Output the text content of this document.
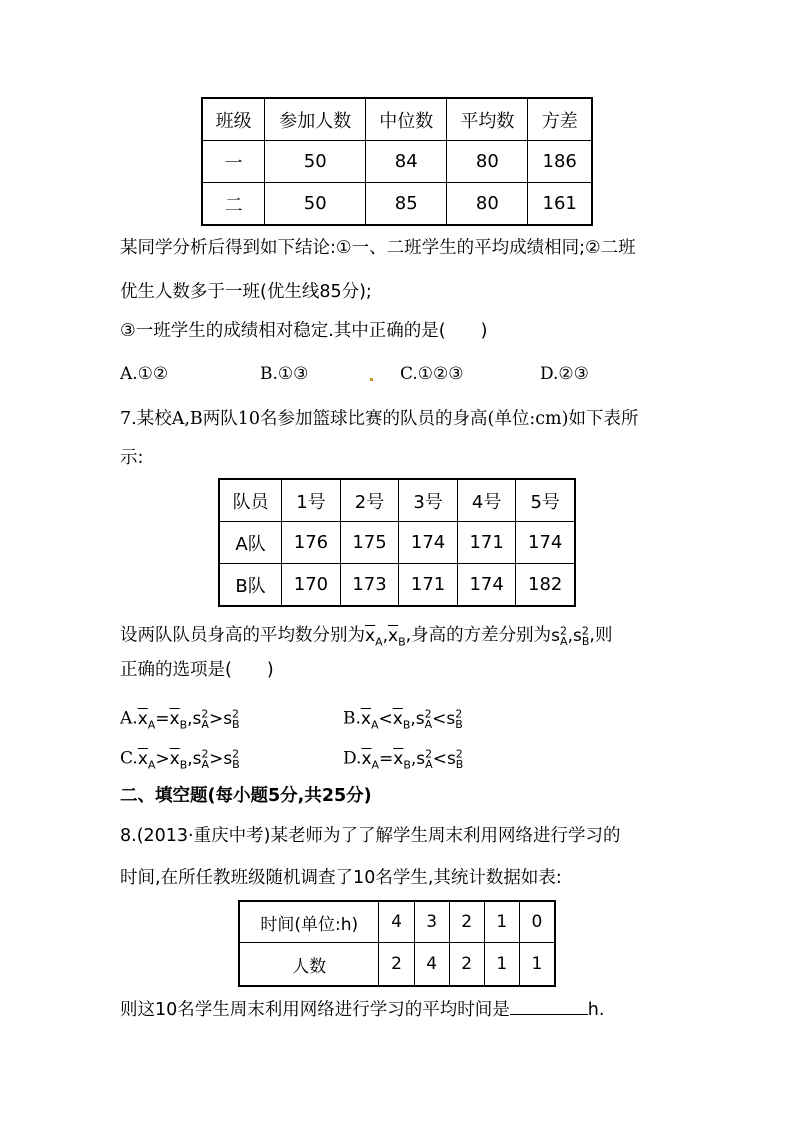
班级	参加人数	中位数	平均数	方差
一	50	84	80	186
二	50	85	80	161
某同学分析后得到如下结论:①一、二班学生的平均成绩相同;②二班
优生人数多于一班(优生线85分);
③一班学生的成绩相对稳定.其中正确的是(　　)
A.①②	B.①③	C.①②③	D.②③
7.某校A,B两队10名参加篮球比赛的队员的身高(单位:cm)如下表所
示:
队员	1号	2号	3号	4号	5号
A队	176	175	174	171	174
B队	170	173	171	174	182
设两队队员身高的平均数分别为$\overline{x}_A,\overline{x}_B$,身高的方差分别为$s^2_A,s^2_B$,则
正确的选项是(　　)
$A.\overline{x}_A=\overline{x}_B,s^2_A>s^2_B$	$B.\overline{x}_A<\overline{x}_B,s^2_A<s^2_B$
$C.\overline{x}_A>\overline{x}_B,s^2_A>s^2_B$	$D.\overline{x}_A=\overline{x}_B,s^2_A<s^2_B$
二、填空题(每小题5分,共25分)
8.(2013·重庆中考)某老师为了了解学生周末利用网络进行学习的
时间,在所任教班级随机调查了10名学生,其统计数据如表:
时间(单位:h)	4	3	2	1	0
人数	2	4	2	1	1
则这10名学生周末利用网络进行学习的平均时间是	h.
